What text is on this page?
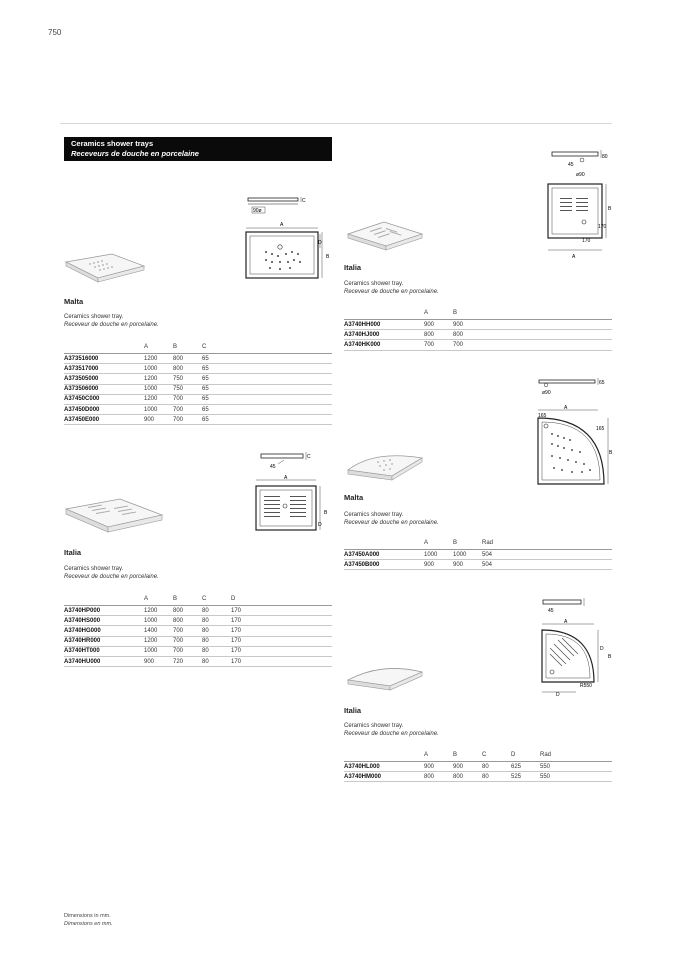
750
Ceramics shower trays
Receveurs de douche en porcelaine
C
90ø
A
D
B
Malta
Ceramics shower tray.
Receveur de douche en porcelaine.
	A	B	C	
A373516000	1200	800	65	
A373517000	1000	800	65	
A373505000	1200	750	65	
A373506000	1000	750	65	
A37450C000	1200	700	65	
A37450D000	1000	700	65	
A37450E000	900	700	65	
C
45
A
B
D
Italia
Ceramics shower tray.
Receveur de douche en porcelaine.
	A	B	C	D	
A3740HP000	1200	800	80	170	
A3740HS000	1000	800	80	170	
A3740HG000	1400	700	80	170	
A3740HR000	1200	700	80	170	
A3740HT000	1000	700	80	170	
A3740HU000	900	720	80	170	
80
45
ø90
B
170
170
A
Italia
Ceramics shower tray.
Receveur de douche en porcelaine.
	A	B	
A3740HH000	900	900	
A3740HJ000	800	800	
A3740HK000	700	700	
65
ø90
A
165
165
B
Malta
Ceramics shower tray.
Receveur de douche en porcelaine.
	A	B	Rad	
A37450A000	1000	1000	504	
A37450B000	900	900	504	
45
A
D
B
R550
D
Italia
Ceramics shower tray.
Receveur de douche en porcelaine.
	A	B	C	D	Rad	
A3740HL000	900	900	80	625	550	
A3740HM000	800	800	80	525	550	
Dimensions in mm.
Dimensions en mm.
